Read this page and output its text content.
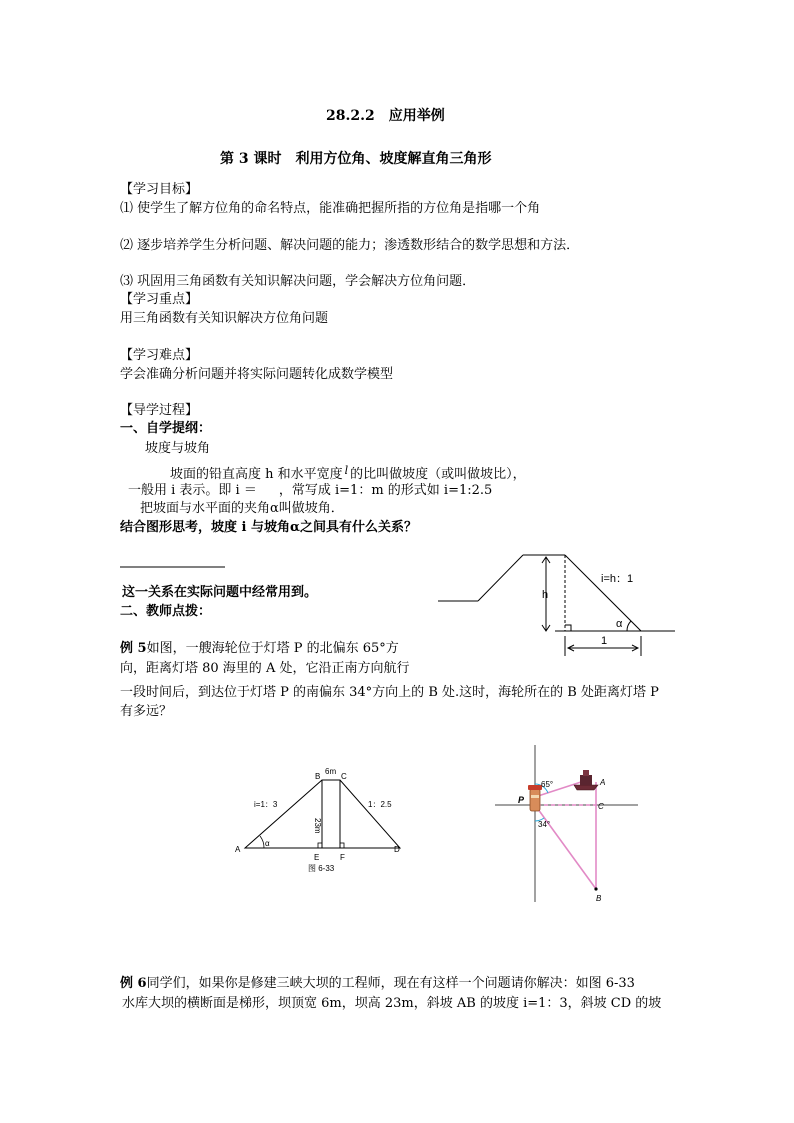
28.2.2　应用举例
第 3 课时　利用方位角、坡度解直角三角形
【学习目标】
⑴ 使学生了解方位角的命名特点，能准确把握所指的方位角是指哪一个角
⑵ 逐步培养学生分析问题、解决问题的能力；渗透数形结合的数学思想和方法．
⑶ 巩固用三角函数有关知识解决问题，学会解决方位角问题．
【学习重点】
用三角函数有关知识解决方位角问题
【学习难点】
学会准确分析问题并将实际问题转化成数学模型
【导学过程】
一、自学提纲：
坡度与坡角
坡面的铅直高度 h 和水平宽度 $^l$ 的比叫做坡度（或叫做坡比），
一般用 i 表示。即 i ＝ ，常写成 i=1：m 的形式如 i=1:2.5
把坡面与水平面的夹角α叫做坡角．
结合图形思考，坡度 i 与坡角α之间具有什么关系？
这一关系在实际问题中经常用到。
二、教师点拨：
h
1
α
i=h：1
例 5如图，一艘海轮位于灯塔 P 的北偏东 65°方
向，距离灯塔 80 海里的 A 处，它沿正南方向航行
一段时间后，到达位于灯塔 P 的南偏东 34°方向上的 B 处.这时，海轮所在的 B 处距离灯塔 P
有多远？
B	C
A	D
E	F
6m
23m
i=1：3	1：2.5
α
图 6-33
P
A
C
B
65°
34°
例 6同学们，如果你是修建三峡大坝的工程师，现在有这样一个问题请你解决：如图 6-33
水库大坝的横断面是梯形，坝顶宽 6m，坝高 23m，斜坡 AB 的坡度 i=1：3，斜坡 CD 的坡
